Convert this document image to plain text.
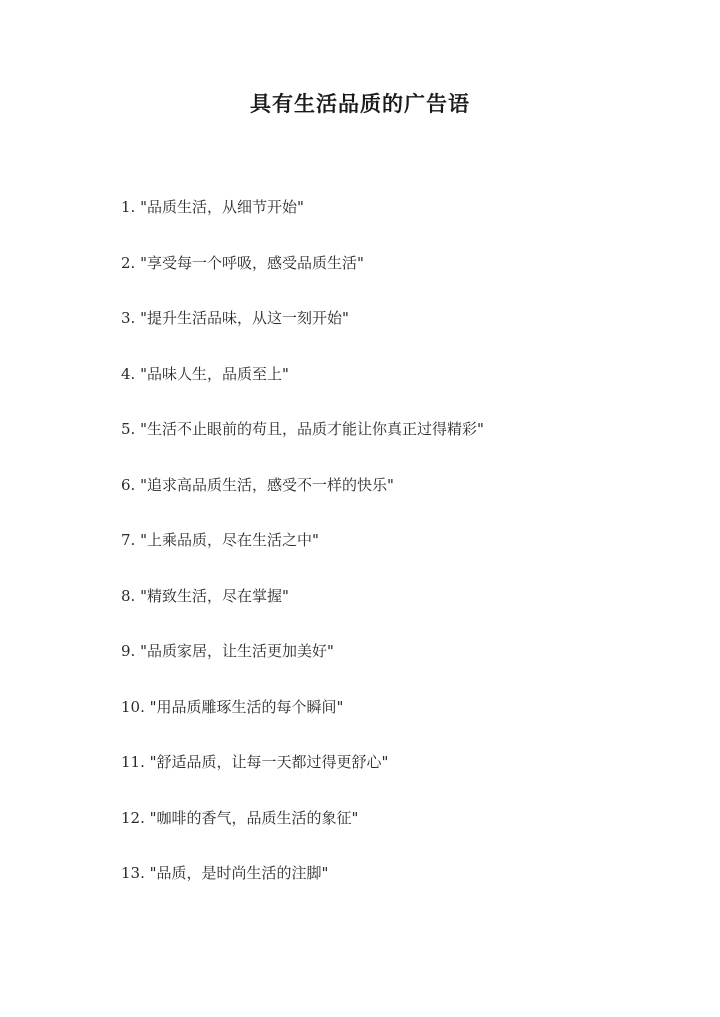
具有生活品质的广告语
1. "品质生活，从细节开始"
2. "享受每一个呼吸，感受品质生活"
3. "提升生活品味，从这一刻开始"
4. "品味人生，品质至上"
5. "生活不止眼前的苟且，品质才能让你真正过得精彩"
6. "追求高品质生活，感受不一样的快乐"
7. "上乘品质，尽在生活之中"
8. "精致生活，尽在掌握"
9. "品质家居，让生活更加美好"
10. "用品质雕琢生活的每个瞬间"
11. "舒适品质，让每一天都过得更舒心"
12. "咖啡的香气，品质生活的象征"
13. "品质，是时尚生活的注脚"
